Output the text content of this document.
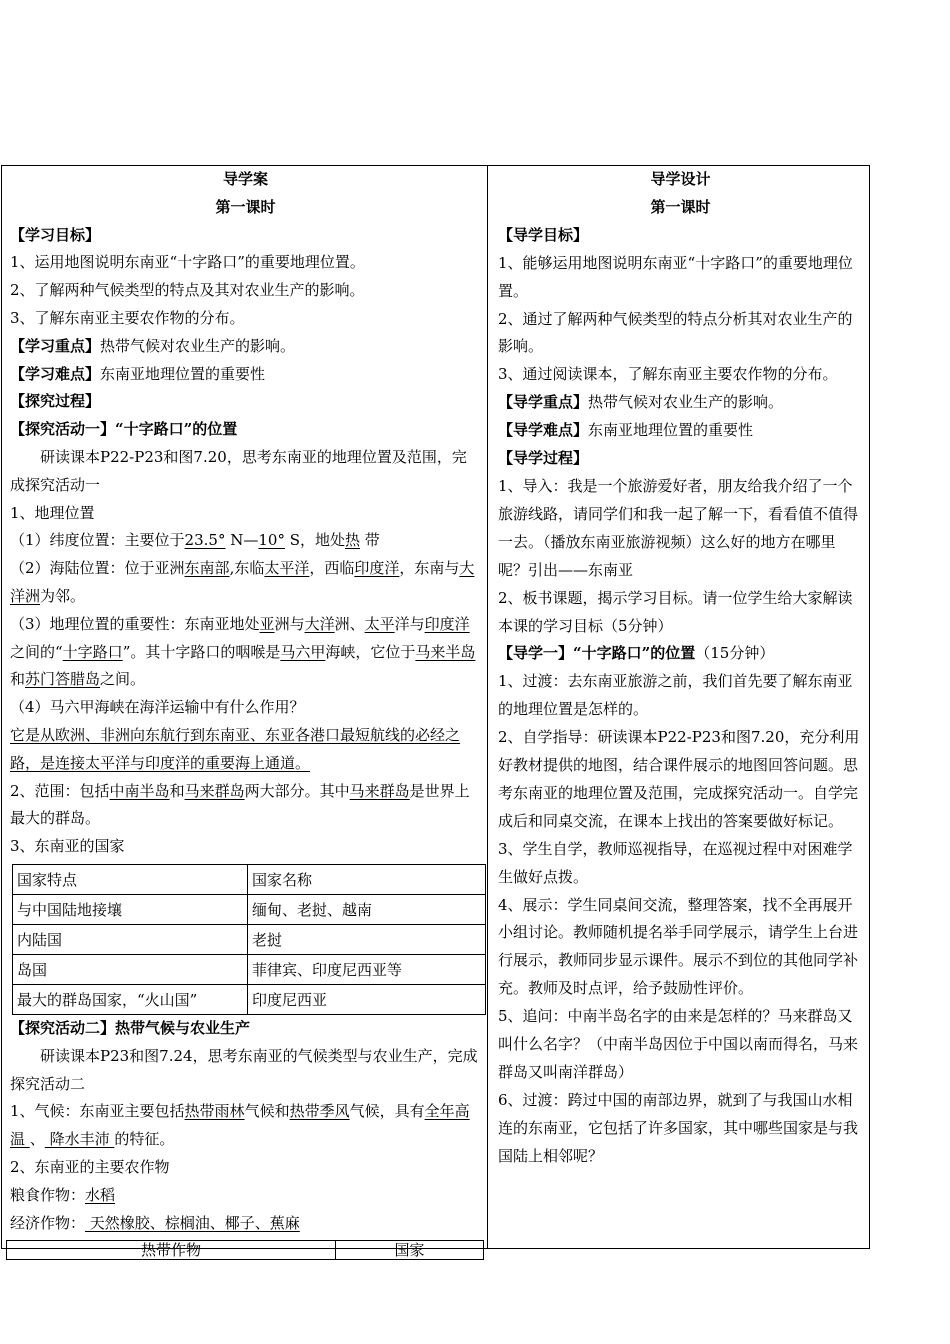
导学案

第一课时

【学习目标】

1、运用地图说明东南亚“十字路口”的重要地理位置。

2、了解两种气候类型的特点及其对农业生产的影响。

3、了解东南亚主要农作物的分布。

【学习重点】热带气候对农业生产的影响。

【学习难点】东南亚地理位置的重要性

【探究过程】

【探究活动一】“十字路口”的位置

研读课本P22-P23和图7.20，思考东南亚的地理位置及范围，完成探究活动一

1、地理位置

（1）纬度位置：主要位于23.5° N—10° S，地处热 带

（2）海陆位置：位于亚洲东南部,东临太平洋，西临印度洋，东南与大洋洲为邻。

（3）地理位置的重要性：东南亚地处亚洲与大洋洲、太平洋与印度洋之间的“十字路口”。其十字路口的咽喉是马六甲海峡，它位于马来半岛和苏门答腊岛之间。

（4）马六甲海峡在海洋运输中有什么作用？

它是从欧洲、非洲向东航行到东南亚、东亚各港口最短航线的必经之路，是连接太平洋与印度洋的重要海上通道。

2、范围：包括中南半岛和马来群岛两大部分。其中马来群岛是世界上最大的群岛。

3、东南亚的国家

国家特点	国家名称
与中国陆地接壤	缅甸、老挝、越南
内陆国	老挝
岛国	菲律宾、印度尼西亚等
最大的群岛国家，“火山国”	印度尼西亚

【探究活动二】热带气候与农业生产

研读课本P23和图7.24，思考东南亚的气候类型与农业生产，完成探究活动二

1、气候：东南亚主要包括热带雨林气候和热带季风气候，具有全年高温 、 降水丰沛 的特征。

2、东南亚的主要农作物

粮食作物：水稻

经济作物： 天然橡胶、棕榈油、椰子、蕉麻

热带作物	国家

导学设计

第一课时

【导学目标】

1、能够运用地图说明东南亚“十字路口”的重要地理位置。

2、通过了解两种气候类型的特点分析其对农业生产的影响。

3、通过阅读课本，了解东南亚主要农作物的分布。

【导学重点】热带气候对农业生产的影响。

【导学难点】东南亚地理位置的重要性

【导学过程】

1、导入：我是一个旅游爱好者，朋友给我介绍了一个旅游线路，请同学们和我一起了解一下，看看值不值得一去。（播放东南亚旅游视频）这么好的地方在哪里呢？引出——东南亚

2、板书课题，揭示学习目标。请一位学生给大家解读本课的学习目标（5分钟）

【导学一】“十字路口”的位置（15分钟）

1、过渡：去东南亚旅游之前，我们首先要了解东南亚的地理位置是怎样的。

2、自学指导：研读课本P22-P23和图7.20，充分利用好教材提供的地图，结合课件展示的地图回答问题。思考东南亚的地理位置及范围，完成探究活动一。自学完成后和同桌交流，在课本上找出的答案要做好标记。

3、学生自学，教师巡视指导，在巡视过程中对困难学生做好点拨。

4、展示：学生同桌间交流，整理答案，找不全再展开小组讨论。教师随机提名举手同学展示，请学生上台进行展示，教师同步显示课件。展示不到位的其他同学补充。教师及时点评，给予鼓励性评价。

5、追问：中南半岛名字的由来是怎样的？马来群岛又叫什么名字？（中南半岛因位于中国以南而得名，马来群岛又叫南洋群岛）

6、过渡：跨过中国的南部边界，就到了与我国山水相连的东南亚，它包括了许多国家，其中哪些国家是与我国陆上相邻呢？
